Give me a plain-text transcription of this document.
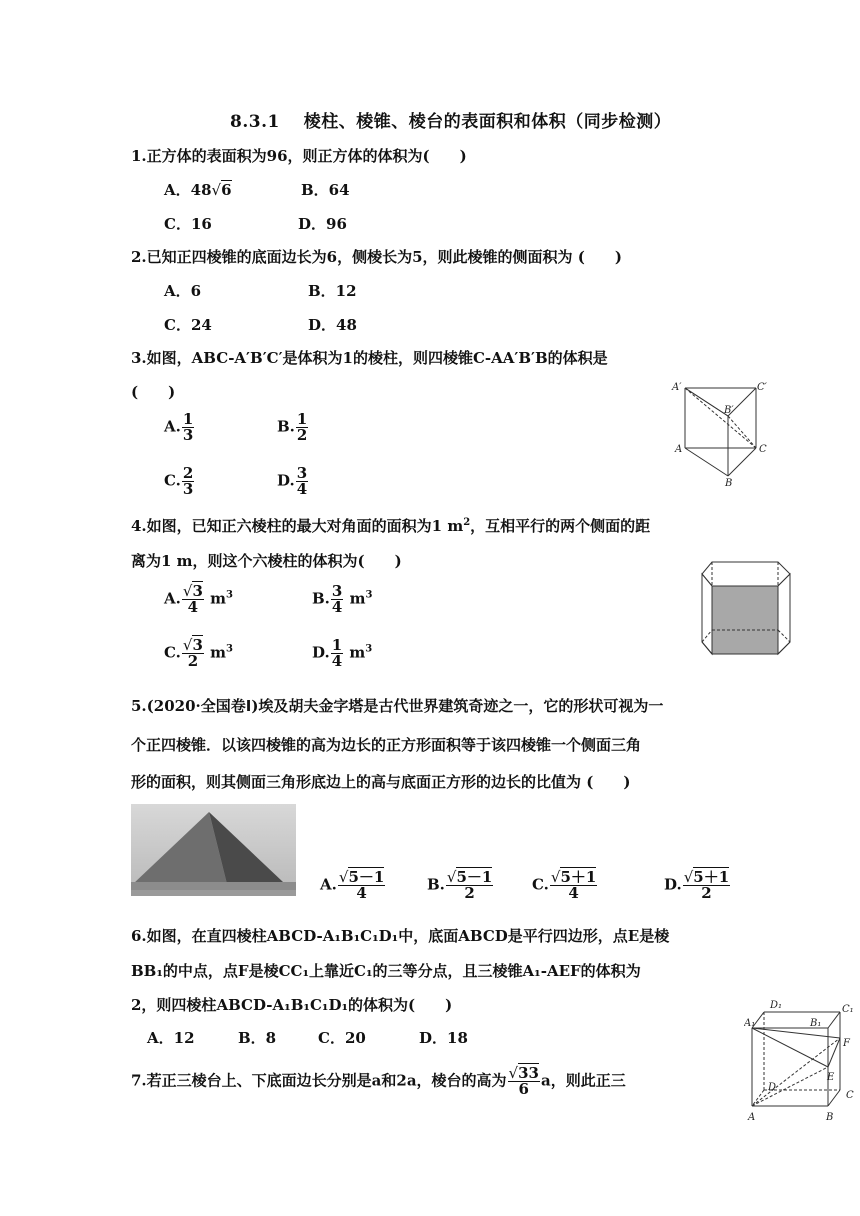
8.3.1　 棱柱、棱锥、棱台的表面积和体积（同步检测）
1.正方体的表面积为96，则正方体的体积为(　　)
A．48√6	B．64
C．16	D．96
2.已知正四棱锥的底面边长为6，侧棱长为5，则此棱锥的侧面积为 (　　)
A．6	B．12
C．24	D．48
3.如图，ABC-A′B′C′是体积为1的棱柱，则四棱锥C-AA′B′B的体积是
(　　)
A. $\frac{1}{3}$	B. $\frac{1}{2}$
C. $\frac{2}{3}$	D. $\frac{3}{4}$
A′	C′
B′
A	C
B
4.如图，已知正六棱柱的最大对角面的面积为1 $m^2$，互相平行的两个侧面的距
离为1 m，则这个六棱柱的体积为(　　)
A. $\frac{√3}{4} m^3$	B. $\frac{3}{4} m^3$
C. $\frac{√3}{2} m^3$	D. $\frac{1}{4} m^3$
5.(2020·全国卷Ⅰ)埃及胡夫金字塔是古代世界建筑奇迹之一，它的形状可视为一
个正四棱锥．以该四棱锥的高为边长的正方形面积等于该四棱锥一个侧面三角
形的面积，则其侧面三角形底边上的高与底面正方形的边长的比值为 (　　)
A. $\frac{√5-1}{4}$	B. $\frac{√5-1}{2}$	C. $\frac{√5+1}{4}$	D. $\frac{√5+1}{2}$
6.如图，在直四棱柱ABCD-A₁B₁C₁D₁中，底面ABCD是平行四边形，点E是棱
BB₁的中点，点F是棱CC₁上靠近C₁的三等分点，且三棱锥A₁-AEF的体积为
2，则四棱柱ABCD-A₁B₁C₁D₁的体积为(　　)
A．12	B．8	C．20	D．18
D₁	C₁
A₁	B₁
F
E
D
C
A	B
7.若正三棱台上、下底面边长分别是a和2a，棱台的高为 $\frac{√33}{6}$ a，则此正三
